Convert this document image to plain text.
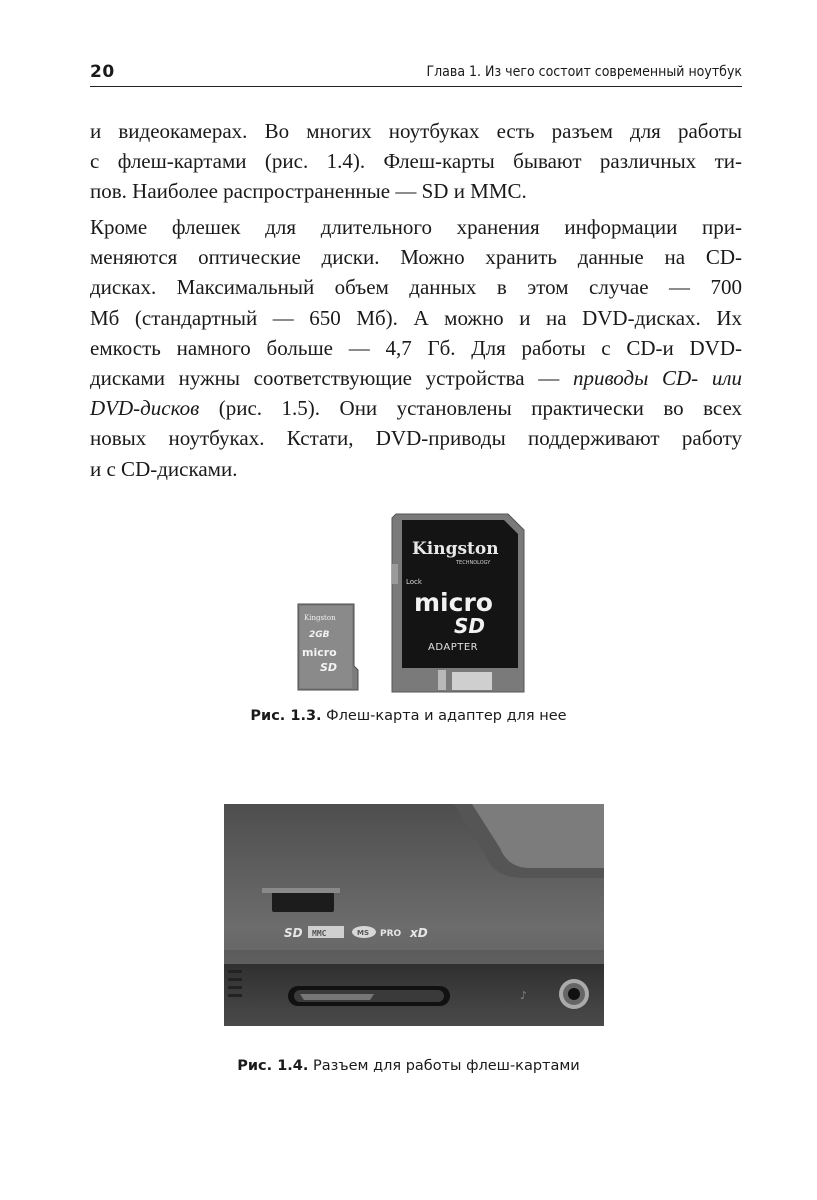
20	Глава 1. Из чего состоит современный ноутбук
и видеокамерах. Во многих ноутбуках есть разъем для работы
с флеш-картами (рис. 1.4). Флеш-карты бывают различных ти-
пов. Наиболее распространенные — SD и MMC.
Кроме флешек для длительного хранения информации при-
меняются оптические диски. Можно хранить данные на CD-
дисках. Максимальный объем данных в этом случае — 700
Мб (стандартный — 650 Мб). А можно и на DVD-дисках. Их
емкость намного больше — 4,7 Гб. Для работы с CD-и DVD-
дисками нужны соответствующие устройства — приводы CD- или
DVD-дисков (рис. 1.5). Они установлены практически во всех
новых ноутбуках. Кстати, DVD-приводы поддерживают работу
и с CD-дисками.
Kingston
2GB
micro
SD
Kingston
TECHNOLOGY
Lock
micro
SD
ADAPTER
Рис. 1.3. Флеш-карта и адаптер для нее
SD MMC	MS PRO xD
♪
Рис. 1.4. Разъем для работы флеш-картами
